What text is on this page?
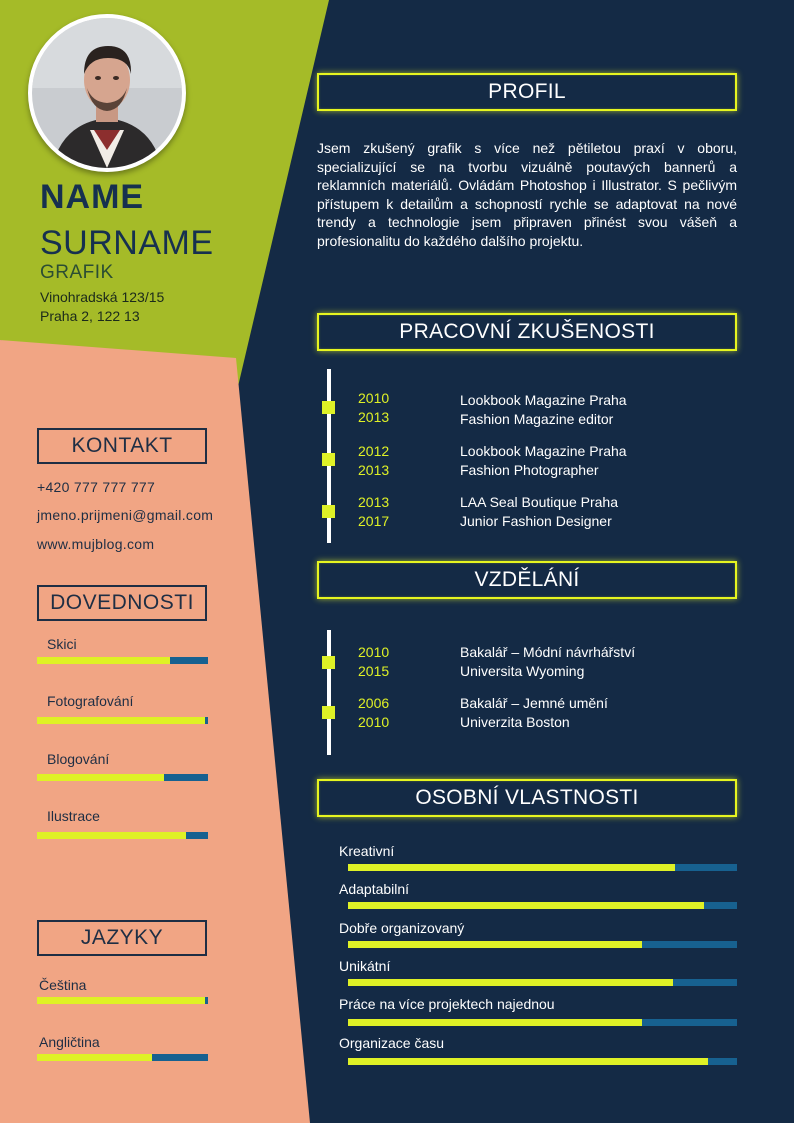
NAME
SURNAME
GRAFIK
Vinohradská 123/15
Praha 2, 122 13
KONTAKT
+420 777 777 777
jmeno.prijmeni@gmail.com
www.mujblog.com
DOVEDNOSTI
Skici
Fotografování
Blogování
Ilustrace
JAZYKY
Čeština
Angličtina
PROFIL
Jsem zkušený grafik s více než pětiletou praxí v oboru, specializující se na tvorbu vizuálně poutavých bannerů a reklamních materiálů. Ovládám Photoshop i Illustrator. S pečlivým přístupem k detailům a schopností rychle se adaptovat na nové trendy a technologie jsem připraven přinést svou vášeň a profesionalitu do každého dalšího projektu.
PRACOVNÍ ZKUŠENOSTI
2010
2013
Lookbook Magazine Praha
Fashion Magazine editor
2012
2013
Lookbook Magazine Praha
Fashion Photographer
2013
2017
LAA Seal Boutique Praha
Junior Fashion Designer
VZDĚLÁNÍ
2010
2015
Bakalář – Módní návrhářství
Universita Wyoming
2006
2010
Bakalář – Jemné umění
Univerzita Boston
OSOBNÍ VLASTNOSTI
Kreativní
Adaptabilní
Dobře organizovaný
Unikátní
Práce na více projektech najednou
Organizace času
